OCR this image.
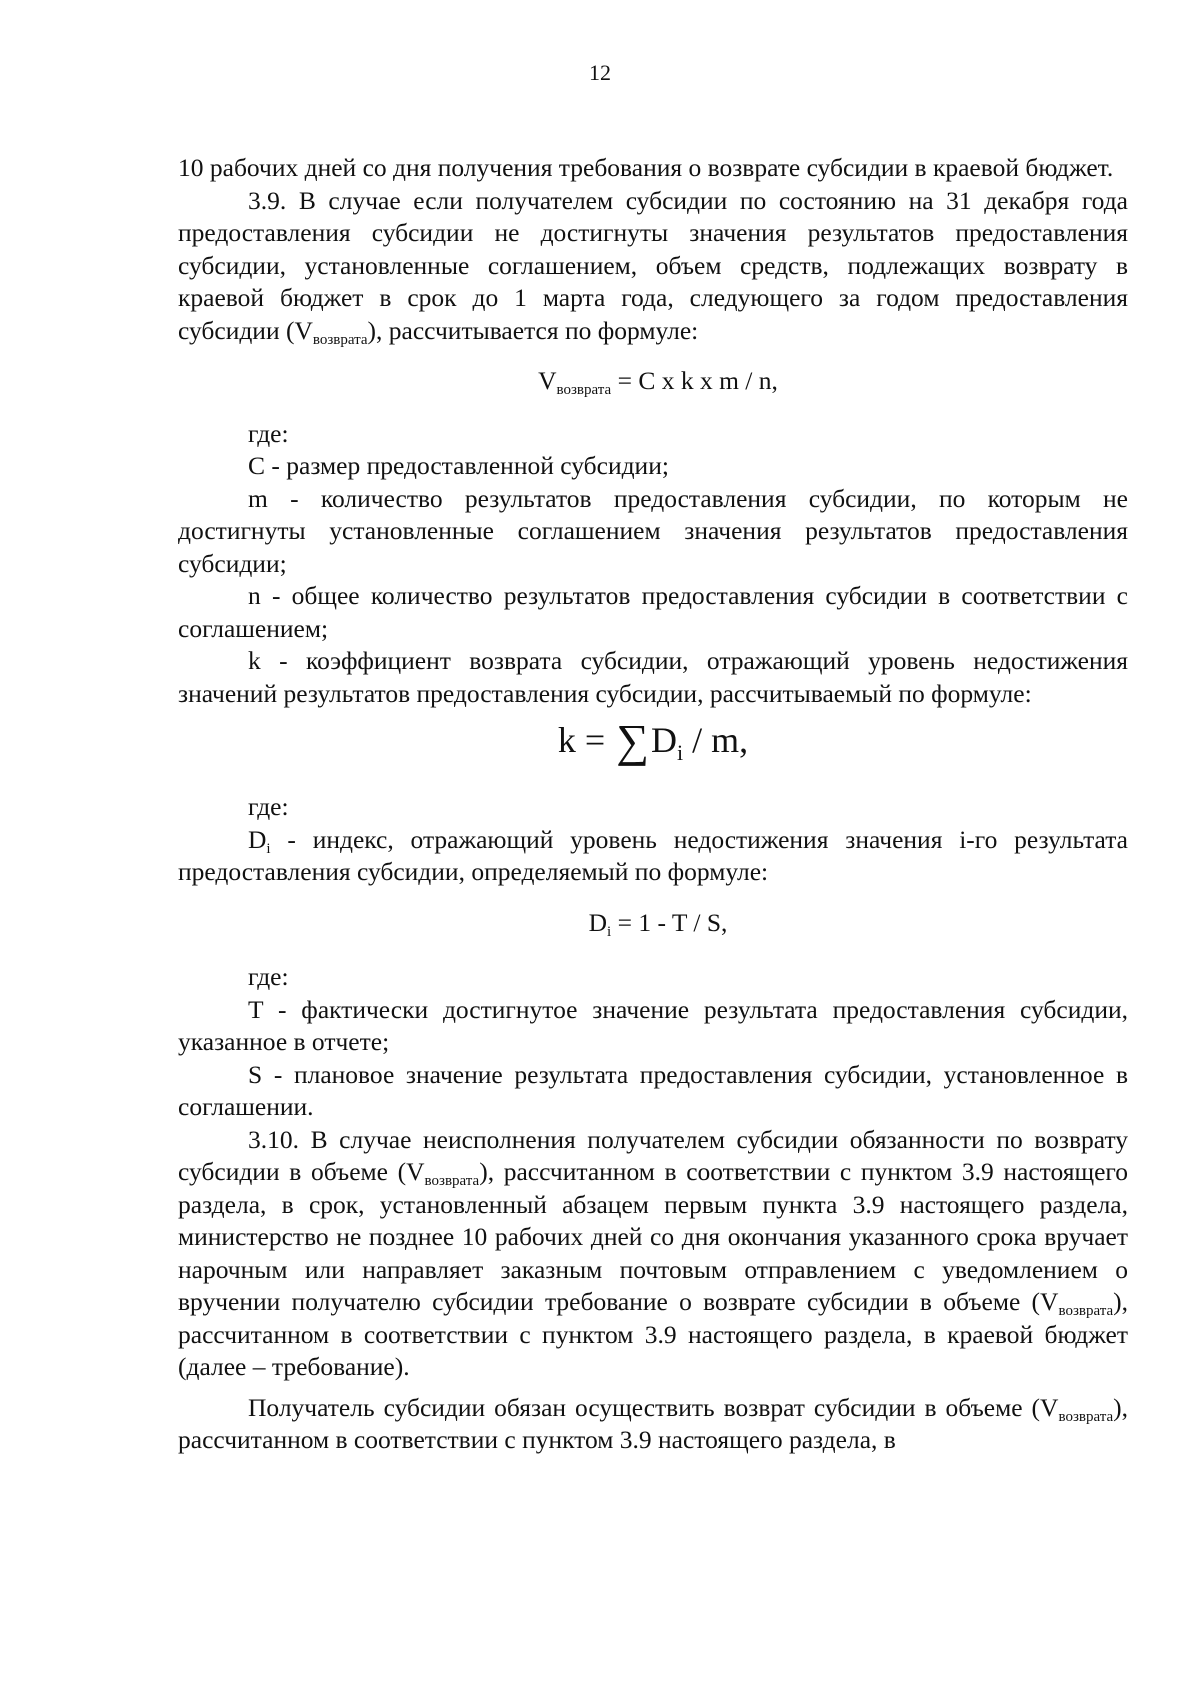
12

10 рабочих дней со дня получения требования о возврате субсидии в краевой бюджет.

3.9. В случае если получателем субсидии по состоянию на 31 декабря года предоставления субсидии не достигнуты значения результатов предоставления субсидии, установленные соглашением, объем средств, подлежащих возврату в краевой бюджет в срок до 1 марта года, следующего за годом предоставления субсидии $(V_{возврата})$, рассчитывается по формуле:

$V_{возврата} = С$ х k х m / n,

где:

С - размер предоставленной субсидии;

m - количество результатов предоставления субсидии, по которым не достигнуты установленные соглашением значения результатов предоставления субсидии;

n - общее количество результатов предоставления субсидии в соответствии с соглашением;

k - коэффициент возврата субсидии, отражающий уровень недостижения значений результатов предоставления субсидии, рассчитываемый по формуле:

$k = \sum D_i / m$,

где:

$D_i$ - индекс, отражающий уровень недостижения значения i-го результата предоставления субсидии, определяемый по формуле:

$D_i = 1 - T / S$,

где:

T - фактически достигнутое значение результата предоставления субсидии, указанное в отчете;

S - плановое значение результата предоставления субсидии, установленное в соглашении.

3.10. В случае неисполнения получателем субсидии обязанности по возврату субсидии в объеме $(V_{возврата})$, рассчитанном в соответствии с пунктом 3.9 настоящего раздела, в срок, установленный абзацем первым пункта 3.9 настоящего раздела, министерство не позднее 10 рабочих дней со дня окончания указанного срока вручает нарочным или направляет заказным почтовым отправлением с уведомлением о вручении получателю субсидии требование о возврате субсидии в объеме $(V_{возврата})$, рассчитанном в соответствии с пунктом 3.9 настоящего раздела, в краевой бюджет (далее – требование).

Получатель субсидии обязан осуществить возврат субсидии в объеме $(V_{возврата})$, рассчитанном в соответствии с пунктом 3.9 настоящего раздела, в
